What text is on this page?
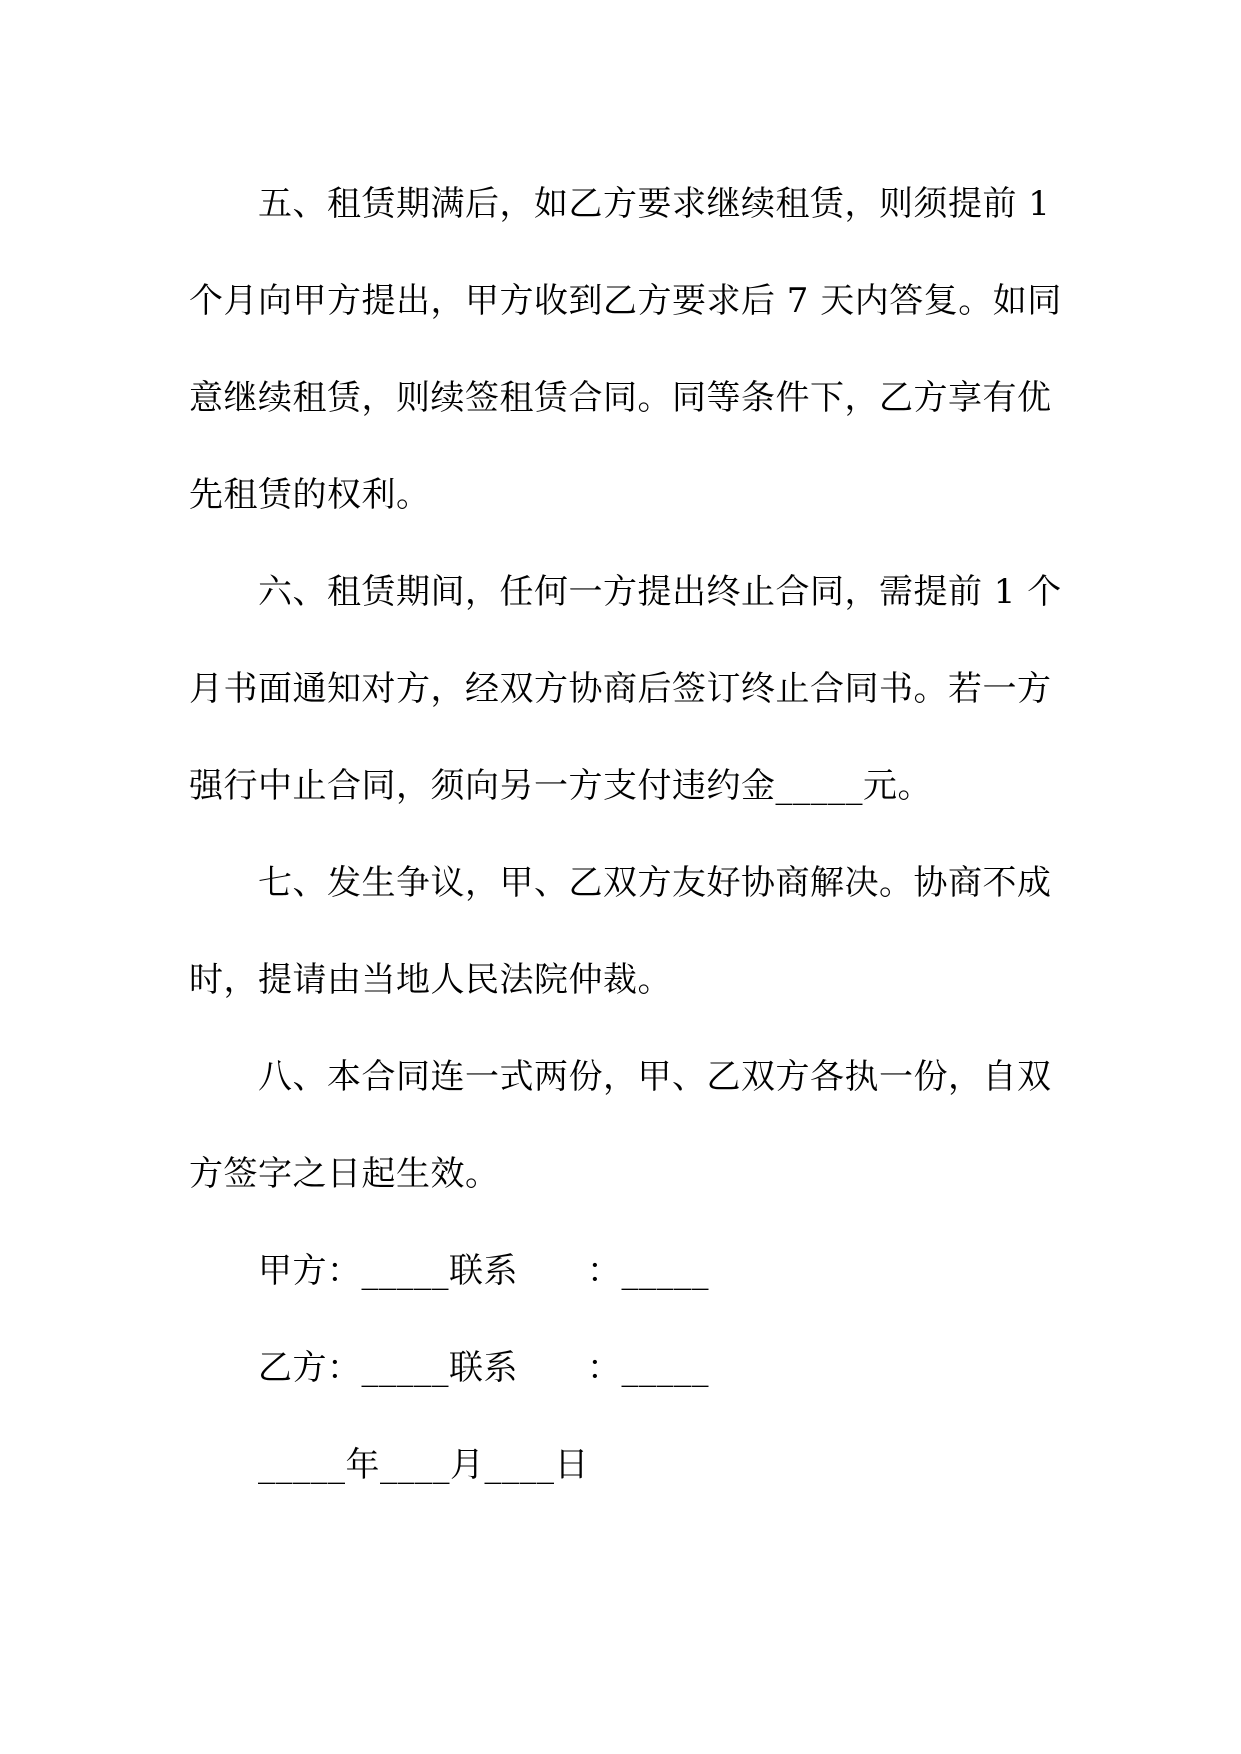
五、租赁期满后，如乙方要求继续租赁，则须提前 1
个月向甲方提出，甲方收到乙方要求后 7 天内答复。如同
意继续租赁，则续签租赁合同。同等条件下，乙方享有优
先租赁的权利。
六、租赁期间，任何一方提出终止合同，需提前 1 个
月书面通知对方，经双方协商后签订终止合同书。若一方
强行中止合同，须向另一方支付违约金_____元。
七、发生争议，甲、乙双方友好协商解决。协商不成
时，提请由当地人民法院仲裁。
八、本合同连一式两份，甲、乙双方各执一份，自双
方签字之日起生效。
甲方：_____联系　　：_____
乙方：_____联系　　：_____
_____年____月____日
